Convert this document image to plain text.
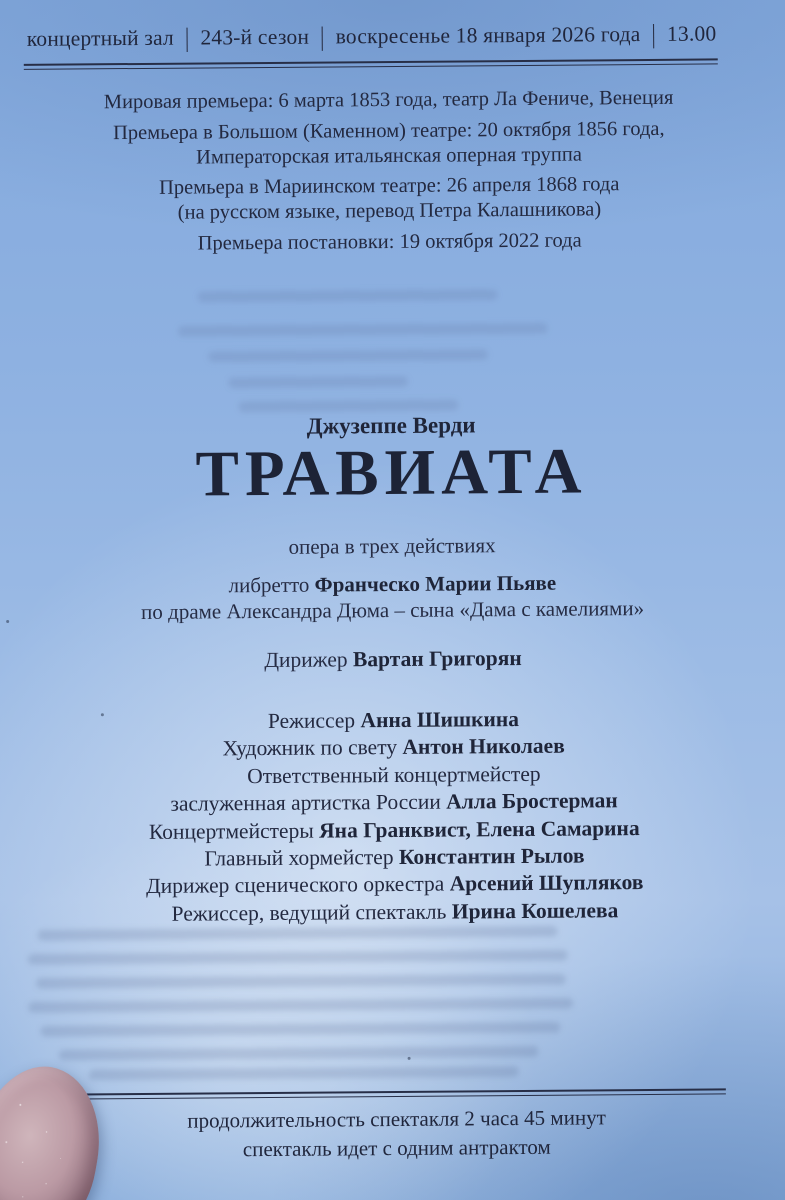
концертный зал | 243-й сезон | воскресенье 18 января 2026 года | 13.00

Мировая премьера: 6 марта 1853 года, театр Ла Фениче, Венеция

Премьера в Большом (Каменном) театре: 20 октября 1856 года,
Императорская итальянская оперная труппа

Премьера в Мариинском театре: 26 апреля 1868 года
(на русском языке, перевод Петра Калашникова)

Премьера постановки: 19 октября 2022 года

Джузеппе Верди
ТРАВИАТА
опера в трех действиях
либретто Франческо Марии Пьяве
по драме Александра Дюма – сына «Дама с камелиями»
Дирижер Вартан Григорян
Режиссер Анна Шишкина
Художник по свету Антон Николаев
Ответственный концертмейстер
заслуженная артистка России Алла Бростерман
Концертмейстеры Яна Гранквист, Елена Самарина
Главный хормейстер Константин Рылов
Дирижер сценического оркестра Арсений Шупляков
Режиссер, ведущий спектакль Ирина Кошелева
продолжительность спектакля 2 часа 45 минут
спектакль идет с одним антрактом
